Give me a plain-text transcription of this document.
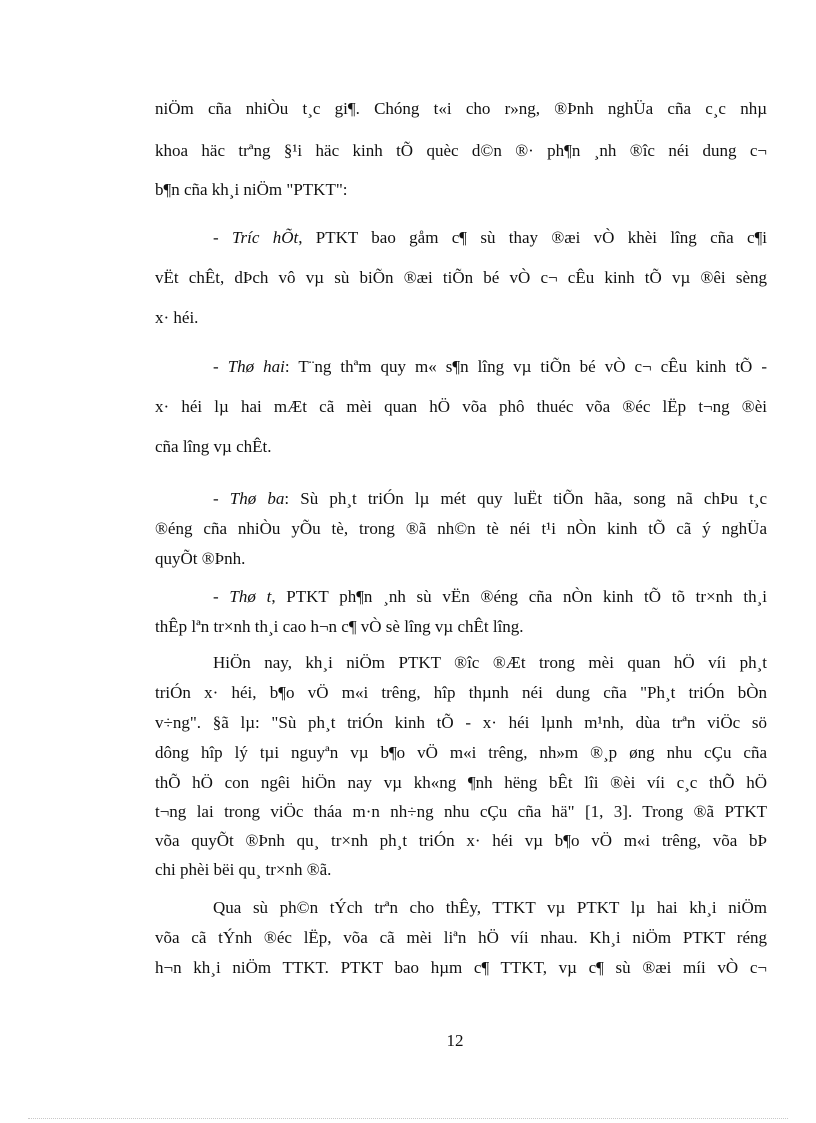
niÖm cña nhiÒu t¸c gi¶. Chóng t«i cho r»ng, ®Þnh nghÜa cña c¸c nhµ
khoa häc trªng §¹i häc kinh tÕ quèc d©n ®· ph¶n ¸nh ®îc néi dung c¬
b¶n cña kh¸i niÖm "PTKT":
- Tríc hÕt, PTKT bao gåm c¶ sù thay ®æi vÒ khèi lîng cña c¶i
vËt chÊt, dÞch vô vµ sù biÕn ®æi tiÕn bé vÒ c¬ cÊu kinh tÕ vµ ®êi sèng
x· héi.
- Thø hai: T¨ng thªm quy m« s¶n lîng vµ tiÕn bé vÒ c¬ cÊu kinh tÕ -
x· héi lµ hai mÆt cã mèi quan hÖ võa phô thuéc võa ®éc lËp t¬ng ®èi
cña lîng vµ chÊt.
- Thø ba: Sù ph¸t triÓn lµ mét quy luËt tiÕn hãa, song nã chÞu t¸c
®éng cña nhiÒu yÕu tè, trong ®ã nh©n tè néi t¹i nÒn kinh tÕ cã ý nghÜa
quyÕt ®Þnh.
- Thø t, PTKT ph¶n ¸nh sù vËn ®éng cña nÒn kinh tÕ tõ tr×nh th¸i
thÊp lªn tr×nh th¸i cao h¬n c¶ vÒ sè lîng vµ chÊt lîng.
HiÖn nay, kh¸i niÖm PTKT ®îc ®Æt trong mèi quan hÖ víi ph¸t
triÓn x· héi, b¶o vÖ m«i trêng, hîp thµnh néi dung cña "Ph¸t triÓn bÒn
v÷ng". §ã lµ: "Sù ph¸t triÓn kinh tÕ - x· héi lµnh m¹nh, dùa trªn viÖc sö
dông hîp lý tµi nguyªn vµ b¶o vÖ m«i trêng, nh»m ®¸p øng nhu cÇu cña
thÕ hÖ con ngêi hiÖn nay vµ kh«ng ¶nh hëng bÊt lîi ®èi víi c¸c thÕ hÖ
t¬ng lai trong viÖc tháa m·n nh÷ng nhu cÇu cña hä" [1, 3]. Trong ®ã PTKT
võa quyÕt ®Þnh qu¸ tr×nh ph¸t triÓn x· héi vµ b¶o vÖ m«i trêng, võa bÞ
chi phèi bëi qu¸ tr×nh ®ã.
Qua sù ph©n tÝch trªn cho thÊy, TTKT vµ PTKT lµ hai kh¸i niÖm
võa cã tÝnh ®éc lËp, võa cã mèi liªn hÖ víi nhau. Kh¸i niÖm PTKT réng
h¬n kh¸i niÖm TTKT. PTKT bao hµm c¶ TTKT, vµ c¶ sù ®æi míi vÒ c¬
12
